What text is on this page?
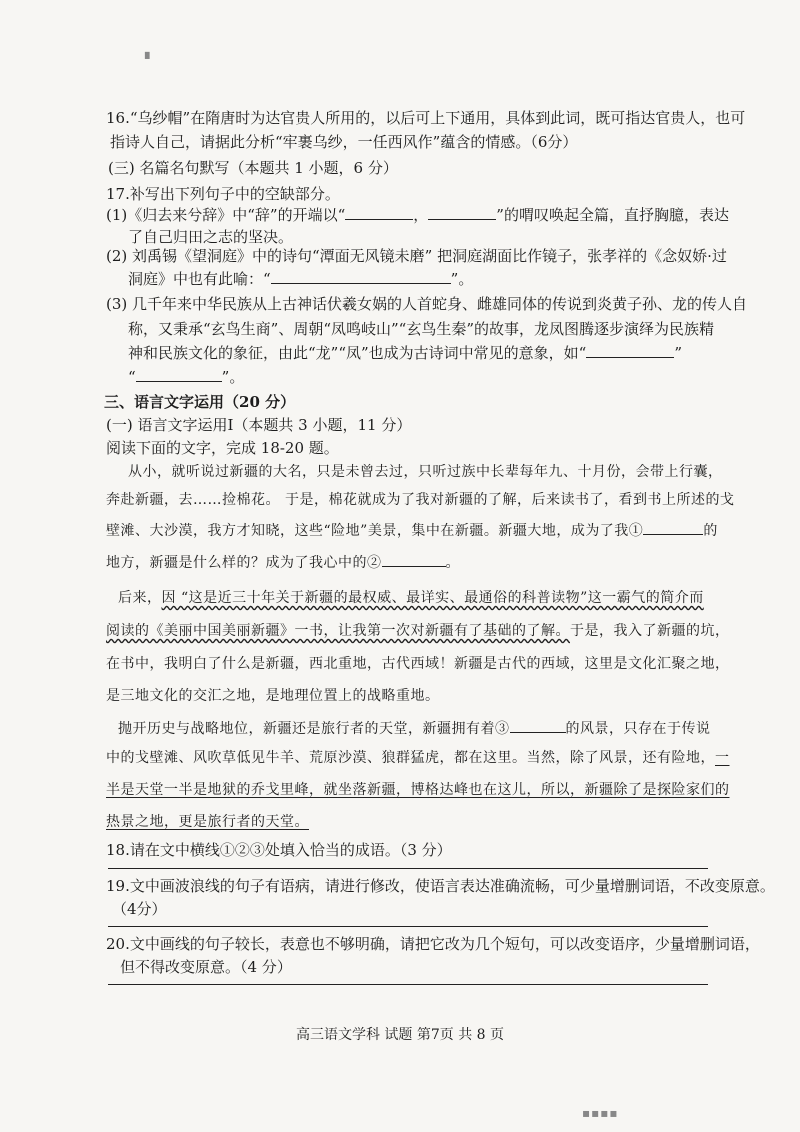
▘
16.“乌纱帽”在隋唐时为达官贵人所用的，以后可上下通用，具体到此词，既可指达官贵人，也可
指诗人自己，请据此分析“牢裹乌纱，一任西风作”蕴含的情感。（6分）
(三) 名篇名句默写（本题共 1 小题，6 分）
17.补写出下列句子中的空缺部分。
(1)《归去来兮辞》中“辞”的开端以“	，	”的喟叹唤起全篇，直抒胸臆，表达
了自己归田之志的坚决。
(2) 刘禹锡《望洞庭》中的诗句“潭面无风镜未磨” 把洞庭湖面比作镜子，张孝祥的《念奴娇·过
洞庭》中也有此喻：“	”。
(3) 几千年来中华民族从上古神话伏羲女娲的人首蛇身、雌雄同体的传说到炎黄子孙、龙的传人自
称，又秉承“玄鸟生商”、周朝“凤鸣岐山”“玄鸟生秦”的故事，龙凤图腾逐步演绎为民族精
神和民族文化的象征，由此“龙”“凤”也成为古诗词中常见的意象，如“	”
“	”。
三、语言文字运用（20 分）
(一) 语言文字运用Ⅰ（本题共 3 小题，11 分）
阅读下面的文字，完成 18-20 题。
从小，就听说过新疆的大名，只是未曾去过，只听过族中长辈每年九、十月份，会带上行囊，
奔赴新疆，去……捡棉花。 于是，棉花就成为了我对新疆的了解，后来读书了，看到书上所述的戈
壁滩、大沙漠，我方才知晓，这些“险地”美景，集中在新疆。新疆大地，成为了我①	的
地方，新疆是什么样的？成为了我心中的②	。
后来，因 “这是近三十年关于新疆的最权威、最详实、最通俗的科普读物”这一霸气的简介而
阅读的《美丽中国美丽新疆》一书，让我第一次对新疆有了基础的了解。于是，我入了新疆的坑，
在书中，我明白了什么是新疆，西北重地，古代西域！新疆是古代的西域，这里是文化汇聚之地，
是三地文化的交汇之地，是地理位置上的战略重地。
抛开历史与战略地位，新疆还是旅行者的天堂，新疆拥有着③	的风景，只存在于传说
中的戈壁滩、风吹草低见牛羊、荒原沙漠、狼群猛虎，都在这里。当然，除了风景，还有险地，一
半是天堂一半是地狱的乔戈里峰，就坐落新疆，博格达峰也在这儿，所以，新疆除了是探险家们的
热景之地，更是旅行者的天堂。
18.请在文中横线①②③处填入恰当的成语。（3 分）
19.文中画波浪线的句子有语病，请进行修改，使语言表达准确流畅，可少量增删词语，不改变原意。
（4分）
20.文中画线的句子较长，表意也不够明确，请把它改为几个短句，可以改变语序，少量增删词语，
但不得改变原意。（4 分）
高三语文学科 试题 第7页 共 8 页
▪▪▪▪
